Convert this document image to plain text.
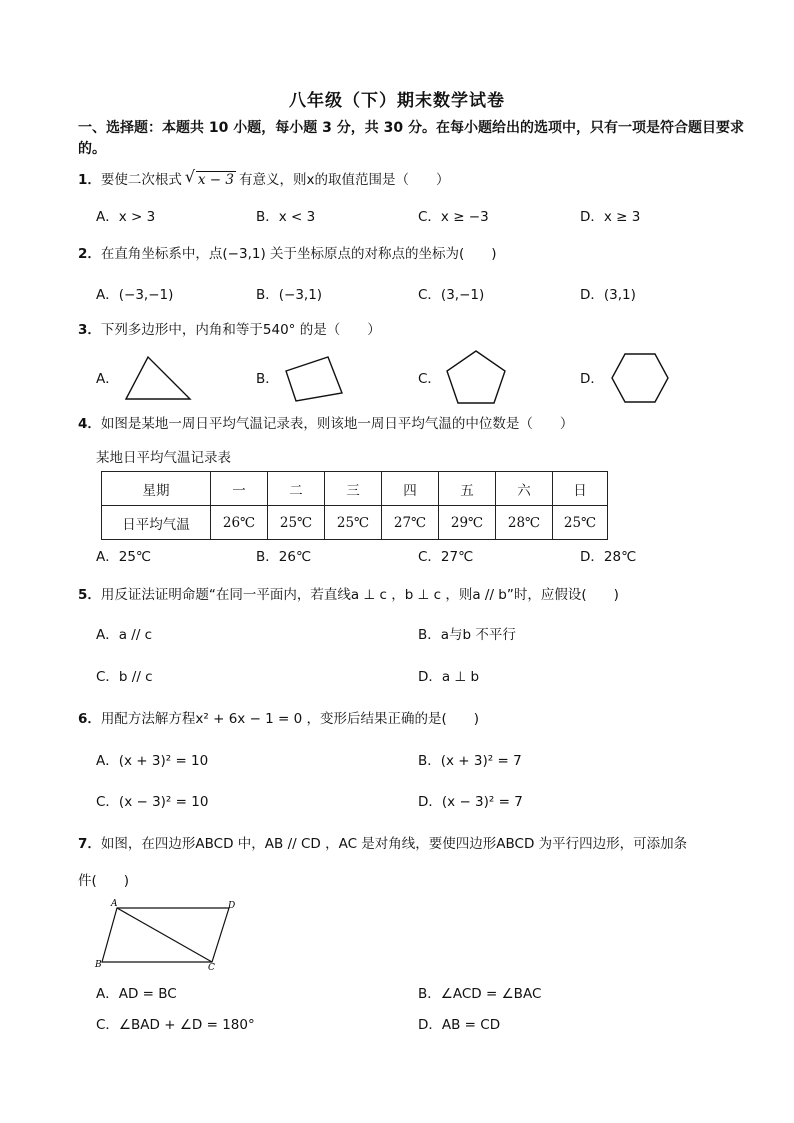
八年级（下）期末数学试卷
一、选择题：本题共 10 小题，每小题 3 分，共 30 分。在每小题给出的选项中，只有一项是符合题目要求的。
1．要使二次根式 √ x − 3 有意义，则x的取值范围是（　　）
A．x > 3	B．x < 3	C．x ≥ −3	D．x ≥ 3
2．在直角坐标系中，点(−3,1) 关于坐标原点的对称点的坐标为(　　)
A．(−3,−1)	B．(−3,1)	C．(3,−1)	D．(3,1)
3．下列多边形中，内角和等于540° 的是（　　）
A．	B．	C．	D．
4．如图是某地一周日平均气温记录表，则该地一周日平均气温的中位数是（　　）
某地日平均气温记录表
星期	一	二	三	四	五	六	日
日平均气温	26℃	25℃	25℃	27℃	29℃	28℃	25℃
A．25℃	B．26℃	C．27℃	D．28℃
5．用反证法证明命题“在同一平面内，若直线a ⊥ c ，b ⊥ c ，则a // b”时，应假设(　　)
A．a // c	B．a与b 不平行
C．b // c	D．a ⊥ b
6．用配方法解方程x² + 6x − 1 = 0 ，变形后结果正确的是(　　)
A．(x + 3)² = 10	B．(x + 3)² = 7
C．(x − 3)² = 10	D．(x − 3)² = 7
7．如图，在四边形ABCD 中，AB // CD ，AC 是对角线，要使四边形ABCD 为平行四边形，可添加条
件(　　)
A	D
B	C
A．AD = BC	B．∠ACD = ∠BAC
C．∠BAD + ∠D = 180°	D．AB = CD
